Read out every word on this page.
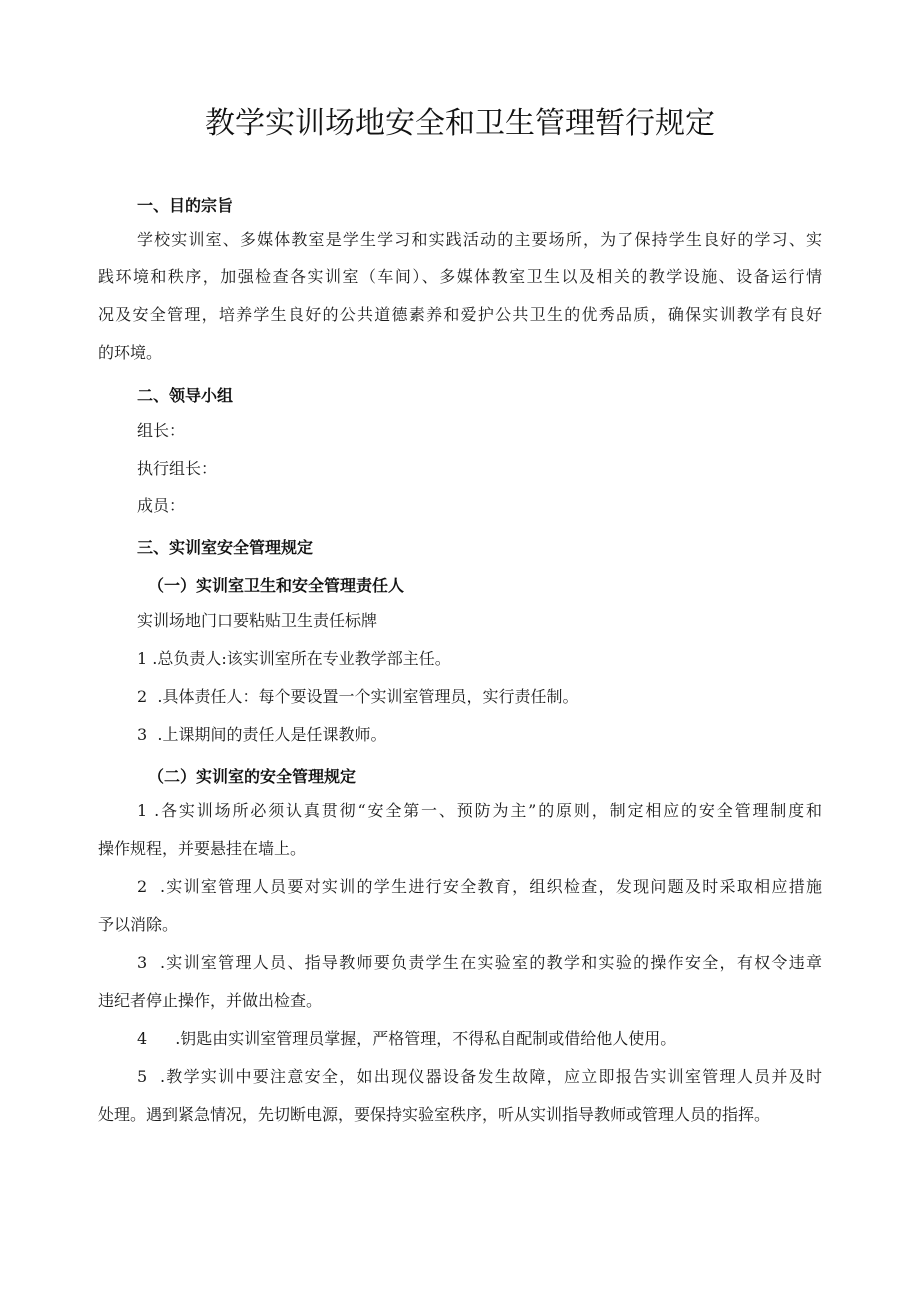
教学实训场地安全和卫生管理暂行规定
一、目的宗旨
学校实训室、多媒体教室是学生学习和实践活动的主要场所，为了保持学生良好的学习、实
践环境和秩序，加强检查各实训室（车间）、多媒体教室卫生以及相关的教学设施、设备运行情
况及安全管理，培养学生良好的公共道德素养和爱护公共卫生的优秀品质，确保实训教学有良好
的环境。
二、领导小组
组长：
执行组长：
成员：
三、实训室安全管理规定
（一）实训室卫生和安全管理责任人
实训场地门口要粘贴卫生责任标牌
1 .总负责人:该实训室所在专业教学部主任。
2 .具体责任人：每个要设置一个实训室管理员，实行责任制。
3 .上课期间的责任人是任课教师。
（二）实训室的安全管理规定
1 .各实训场所必须认真贯彻“安全第一、预防为主”的原则，制定相应的安全管理制度和
操作规程，并要悬挂在墙上。
2 .实训室管理人员要对实训的学生进行安全教育，组织检查，发现问题及时采取相应措施
予以消除。
3 .实训室管理人员、指导教师要负责学生在实验室的教学和实验的操作安全，有权令违章
违纪者停止操作，并做出检查。
4 .钥匙由实训室管理员掌握，严格管理，不得私自配制或借给他人使用。
5 .教学实训中要注意安全，如出现仪器设备发生故障，应立即报告实训室管理人员并及时
处理。遇到紧急情况，先切断电源，要保持实验室秩序，听从实训指导教师或管理人员的指挥。
